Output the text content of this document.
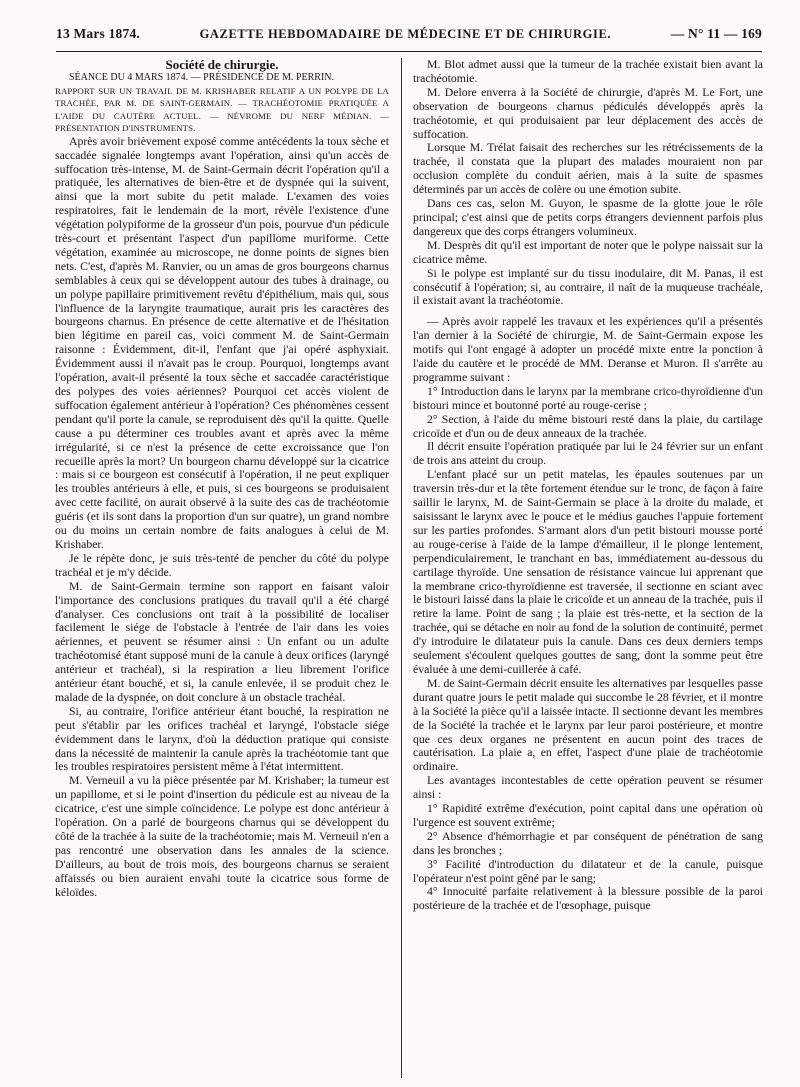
13 Mars 1874.	GAZETTE HEBDOMADAIRE DE MÉDECINE ET DE CHIRURGIE.	— N° 11 — 169

Société de chirurgie.

SÉANCE DU 4 MARS 1874. — PRÉSIDENCE DE M. PERRIN.

RAPPORT SUR UN TRAVAIL DE M. KRISHABER RELATIF A UN POLYPE DE LA TRACHÉE, PAR M. DE SAINT-GERMAIN. — TRACHÉOTOMIE PRATIQUÉE A L'AIDE DU CAUTÈRE ACTUEL. — NÉVROME DU NERF MÉDIAN. — PRÉSENTATION D'INSTRUMENTS.

Après avoir brièvement exposé comme antécédents la toux sèche et saccadée signalée longtemps avant l'opération, ainsi qu'un accès de suffocation très-intense, M. de Saint-Germain décrit l'opération qu'il a pratiquée, les alternatives de bien-être et de dyspnée qui la suivent, ainsi que la mort subite du petit malade. L'examen des voies respiratoires, fait le lendemain de la mort, révèle l'existence d'une végétation polypiforme de la grosseur d'un pois, pourvue d'un pédicule très-court et présentant l'aspect d'un papillome muriforme. Cette végétation, examinée au microscope, ne donne points de signes bien nets. C'est, d'après M. Ranvier, ou un amas de gros bourgeons charnus semblables à ceux qui se développent autour des tubes à drainage, ou un polype papillaire primitivement revêtu d'épithélium, mais qui, sous l'influence de la laryngite traumatique, aurait pris les caractères des bourgeons charnus. En présence de cette alternative et de l'hésitation bien légitime en pareil cas, voici comment M. de Saint-Germain raisonne : Évidemment, dit-il, l'enfant que j'ai opéré asphyxiait. Évidemment aussi il n'avait pas le croup. Pourquoi, longtemps avant l'opération, avait-il présenté la toux sèche et saccadée caractéristique des polypes des voies aériennes? Pourquoi cet accès violent de suffocation également antérieur à l'opération? Ces phénomènes cessent pendant qu'il porte la canule, se reproduisent dès qu'il la quitte. Quelle cause a pu déterminer ces troubles avant et après avec la même irrégularité, si ce n'est la présence de cette excroissance que l'on recueille après la mort? Un bourgeon charnu développé sur la cicatrice : mais si ce bourgeon est consécutif à l'opération, il ne peut expliquer les troubles antérieurs à elle, et puis, si ces bourgeons se produisaient avec cette facilité, on aurait observé à la suite des cas de trachéotomie guéris (et ils sont dans la proportion d'un sur quatre), un grand nombre ou du moins un certain nombre de faits analogues à celui de M. Krishaber.

Je le répète donc, je suis très-tenté de pencher du côté du polype trachéal et je m'y décide.

M. de Saint-Germain termine son rapport en faisant valoir l'importance des conclusions pratiques du travail qu'il a été chargé d'analyser. Ces conclusions ont trait à la possibilité de localiser facilement le siége de l'obstacle à l'entrée de l'air dans les voies aériennes, et peuvent se résumer ainsi : Un enfant ou un adulte trachéotomisé étant supposé muni de la canule à deux orifices (laryngé antérieur et trachéal), si la respiration a lieu librement l'orifice antérieur étant bouché, et si, la canule enlevée, il se produit chez le malade de la dyspnée, on doit conclure à un obstacle trachéal.

Si, au contraire, l'orifice antérieur étant bouché, la respiration ne peut s'établir par les orifices trachéal et laryngé, l'obstacle siége évidemment dans le larynx, d'où la déduction pratique qui consiste dans la nécessité de maintenir la canule après la trachéotomie tant que les troubles respiratoires persistent même à l'état intermittent.

M. Verneuil a vu la pièce présentée par M. Krishaber; la tumeur est un papillome, et si le point d'insertion du pédicule est au niveau de la cicatrice, c'est une simple coïncidence. Le polype est donc antérieur à l'opération. On a parlé de bourgeons charnus qui se développent du côté de la trachée à la suite de la trachéotomie; mais M. Verneuil n'en a pas rencontré une observation dans les annales de la science. D'ailleurs, au bout de trois mois, des bourgeons charnus se seraient affaissés ou bien auraient envahi toute la cicatrice sous forme de kéloïdes.

M. Blot admet aussi que la tumeur de la trachée existait bien avant la trachéotomie.

M. Delore enverra à la Société de chirurgie, d'après M. Le Fort, une observation de bourgeons charnus pédiculés développés après la trachéotomie, et qui produisaient par leur déplacement des accès de suffocation.

Lorsque M. Trélat faisait des recherches sur les rétrécissements de la trachée, il constata que la plupart des malades mouraient non par occlusion complète du conduit aérien, mais à la suite de spasmes déterminés par un accès de colère ou une émotion subite.

Dans ces cas, selon M. Guyon, le spasme de la glotte joue le rôle principal; c'est ainsi que de petits corps étrangers deviennent parfois plus dangereux que des corps étrangers volumineux.

M. Desprès dit qu'il est important de noter que le polype naissait sur la cicatrice même.

Si le polype est implanté sur du tissu inodulaire, dit M. Panas, il est consécutif à l'opération; si, au contraire, il naît de la muqueuse trachéale, il existait avant la trachéotomie.

— Après avoir rappelé les travaux et les expériences qu'il a présentés l'an dernier à la Société de chirurgie, M. de Saint-Germain expose les motifs qui l'ont engagé à adopter un procédé mixte entre la ponction à l'aide du cautère et le procédé de MM. Deranse et Muron. Il s'arrête au programme suivant :

1° Introduction dans le larynx par la membrane crico-thyroïdienne d'un bistouri mince et boutonné porté au rouge-cerise ;

2° Section, à l'aide du même bistouri resté dans la plaie, du cartilage cricoïde et d'un ou de deux anneaux de la trachée.

Il décrit ensuite l'opération pratiquée par lui le 24 février sur un enfant de trois ans atteint du croup.

L'enfant placé sur un petit matelas, les épaules soutenues par un traversin très-dur et la tête fortement étendue sur le tronc, de façon à faire saillir le larynx, M. de Saint-Germain se place à la droite du malade, et saisissant le larynx avec le pouce et le médius gauches l'appuie fortement sur les parties profondes. S'armant alors d'un petit bistouri mousse porté au rouge-cerise à l'aide de la lampe d'émailleur, il le plonge lentement, perpendiculairement, le tranchant en bas, immédiatement au-dessous du cartilage thyroïde. Une sensation de résistance vaincue lui apprenant que la membrane crico-thyroïdienne est traversée, il sectionne en sciant avec le bistouri laissé dans la plaie le cricoïde et un anneau de la trachée, puis il retire la lame. Point de sang ; la plaie est très-nette, et la section de la trachée, qui se détache en noir au fond de la solution de continuité, permet d'y introduire le dilatateur puis la canule. Dans ces deux derniers temps seulement s'écoulent quelques gouttes de sang, dont la somme peut être évaluée à une demi-cuillerée à café.

M. de Saint-Germain décrit ensuite les alternatives par lesquelles passe durant quatre jours le petit malade qui succombe le 28 février, et il montre à la Société la pièce qu'il a laissée intacte. Il sectionne devant les membres de la Société la trachée et le larynx par leur paroi postérieure, et montre que ces deux organes ne présentent en aucun point des traces de cautérisation. La plaie a, en effet, l'aspect d'une plaie de trachéotomie ordinaire.

Les avantages incontestables de cette opération peuvent se résumer ainsi :

1° Rapidité extrême d'exécution, point capital dans une opération où l'urgence est souvent extrême;

2° Absence d'hémorrhagie et par conséquent de pénétration de sang dans les bronches ;

3° Facilité d'introduction du dilatateur et de la canule, puisque l'opérateur n'est point gêné par le sang;

4° Innocuité parfaite relativement à la blessure possible de la paroi postérieure de la trachée et de l'œsophage, puisque
